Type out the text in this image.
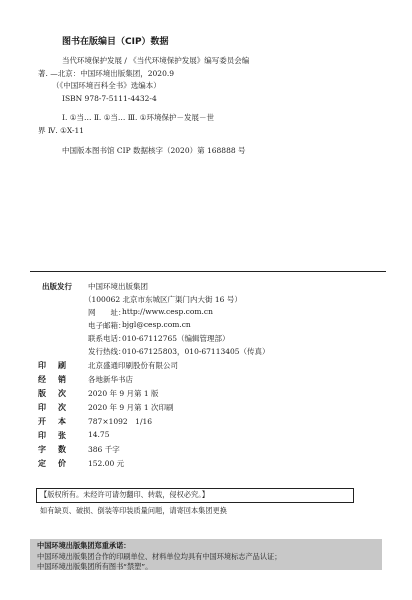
图书在版编目（CIP）数据
当代环境保护发展 / 《当代环境保护发展》编写委员会编
著. —北京：中国环境出版集团，2020.9
（《中国环境百科全书》选编本）
ISBN 978-7-5111-4432-4
Ⅰ. ①当… Ⅱ. ①当… Ⅲ. ①环境保护－发展－世
界 Ⅳ. ①X-11
中国版本图书馆 CIP 数据核字（2020）第 168888 号
出版发行 中国环境出版集团
（100062 北京市东城区广渠门内大街 16 号）
网　　址：
http://www.cesp.com.cn
电子邮箱：
bjgl@cesp.com.cn
联系电话：
010-67112765（编辑管理部）
发行热线：
010-67125803，010-67113405（传真）
印刷 北京盛通印刷股份有限公司
经销 各地新华书店
版次 2020 年 9 月第 1 版
印次 2020 年 9 月第 1 次印刷
开本 787×1092　1/16
印张 14.75
字数 386 千字
定价 152.00 元
【版权所有。未经许可请勿翻印、转载，侵权必究。】
如有缺页、破损、倒装等印装质量问题，请寄回本集团更换
中国环境出版集团郑重承诺：
中国环境出版集团合作的印刷单位、材料单位均具有中国环境标志产品认证；
中国环境出版集团所有图书“禁塑”。
